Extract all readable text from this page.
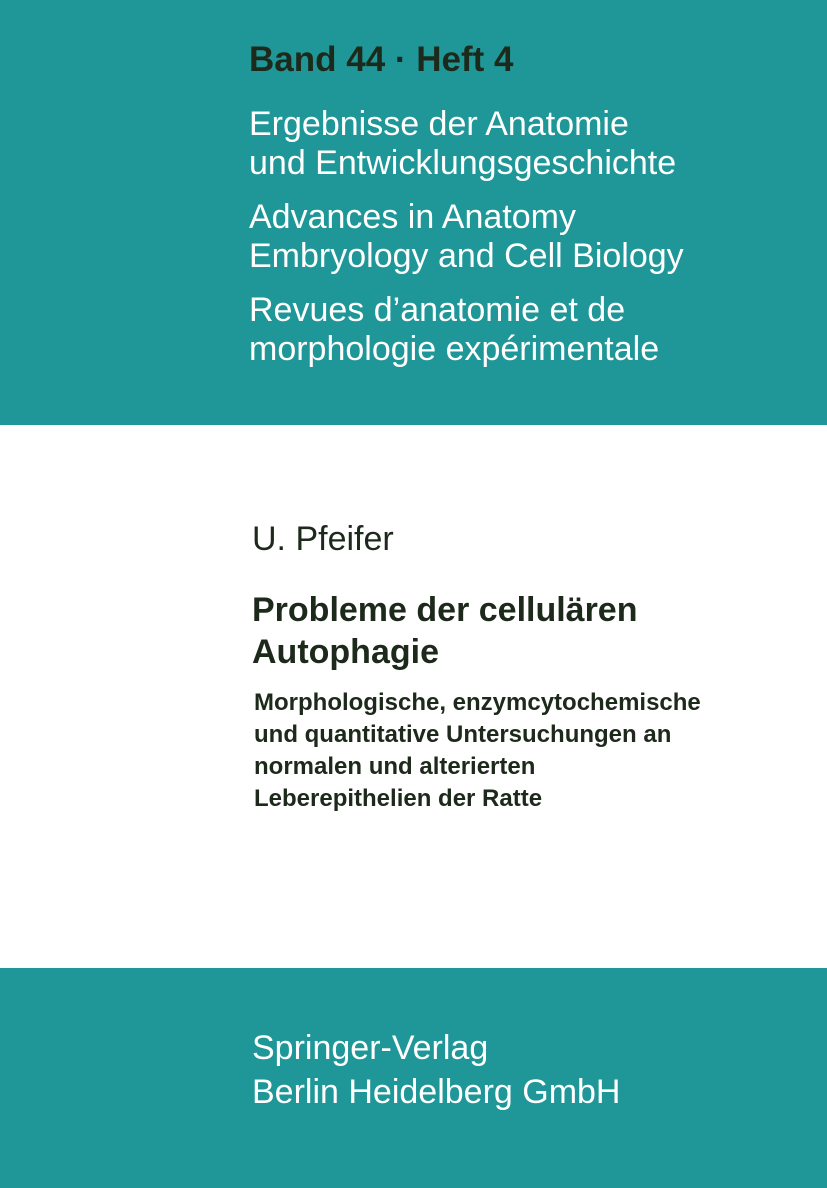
Band 44 · Heft 4

Ergebnisse der Anatomie
und Entwicklungsgeschichte

Advances in Anatomy
Embryology and Cell Biology

Revues d’anatomie et de
morphologie expérimentale

U. Pfeifer

Probleme der cellulären
Autophagie

Morphologische, enzymcytochemische
und quantitative Untersuchungen an
normalen und alterierten
Leberepithelien der Ratte

Springer-Verlag
Berlin Heidelberg GmbH
